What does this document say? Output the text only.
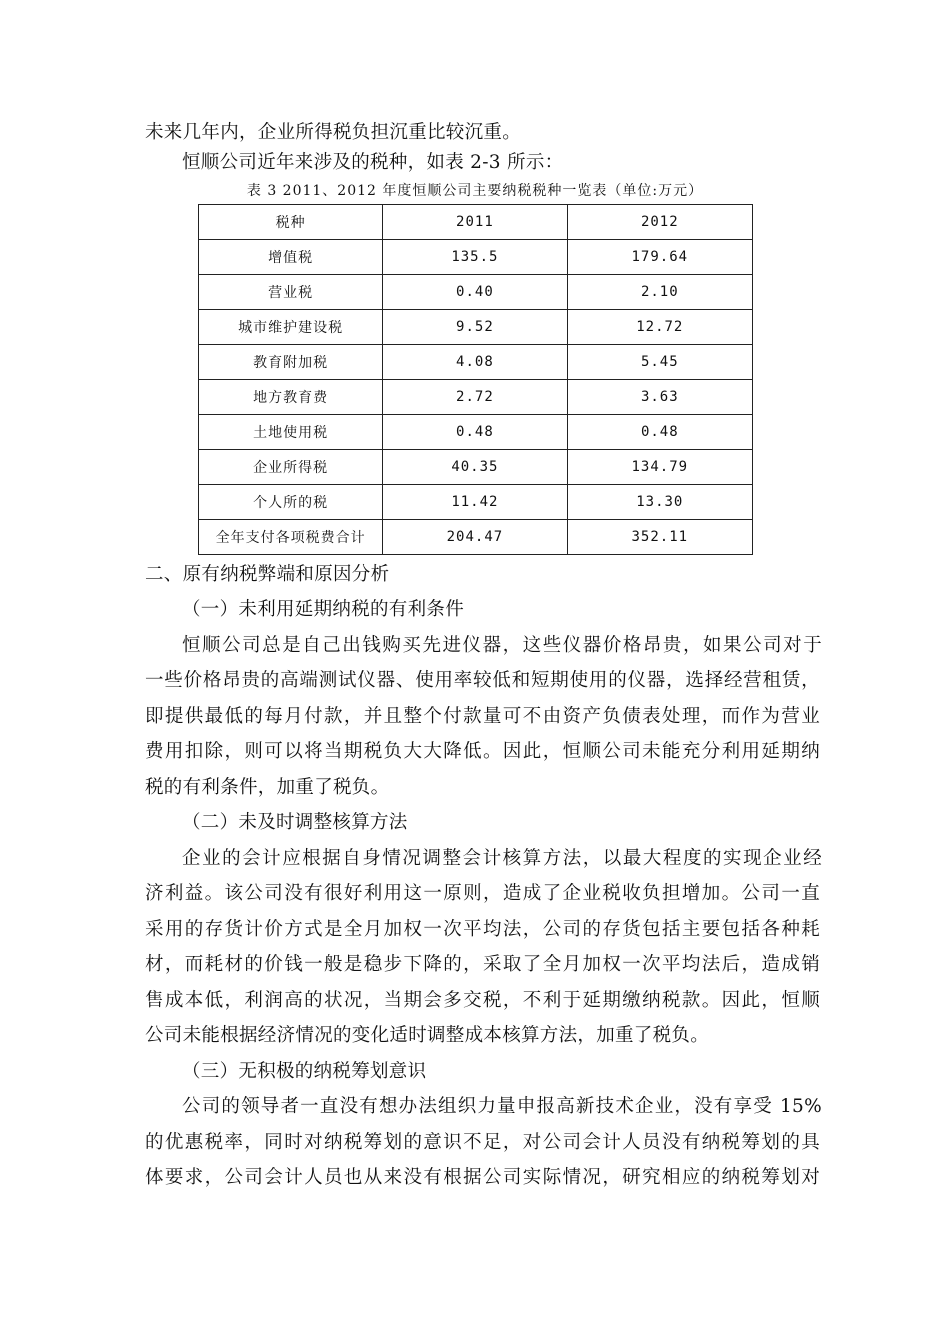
未来几年内，企业所得税负担沉重比较沉重。
恒顺公司近年来涉及的税种，如表 2-3 所示：
表 3 2011、2012 年度恒顺公司主要纳税税种一览表（单位:万元）
税种	2011	2012
增值税	135.5	179.64
营业税	0.40	2.10
城市维护建设税	9.52	12.72
教育附加税	4.08	5.45
地方教育费	2.72	3.63
土地使用税	0.48	0.48
企业所得税	40.35	134.79
个人所的税	11.42	13.30
全年支付各项税费合计	204.47	352.11
二、原有纳税弊端和原因分析
（一）未利用延期纳税的有利条件
恒顺公司总是自己出钱购买先进仪器，这些仪器价格昂贵，如果公司对于
一些价格昂贵的高端测试仪器、使用率较低和短期使用的仪器，选择经营租赁，
即提供最低的每月付款，并且整个付款量可不由资产负债表处理，而作为营业
费用扣除，则可以将当期税负大大降低。因此，恒顺公司未能充分利用延期纳
税的有利条件，加重了税负。
（二）未及时调整核算方法
企业的会计应根据自身情况调整会计核算方法，以最大程度的实现企业经
济利益。该公司没有很好利用这一原则，造成了企业税收负担增加。公司一直
采用的存货计价方式是全月加权一次平均法，公司的存货包括主要包括各种耗
材，而耗材的价钱一般是稳步下降的，采取了全月加权一次平均法后，造成销
售成本低，利润高的状况，当期会多交税，不利于延期缴纳税款。因此，恒顺
公司未能根据经济情况的变化适时调整成本核算方法，加重了税负。
（三）无积极的纳税筹划意识
公司的领导者一直没有想办法组织力量申报高新技术企业，没有享受 15%
的优惠税率，同时对纳税筹划的意识不足，对公司会计人员没有纳税筹划的具
体要求，公司会计人员也从来没有根据公司实际情况，研究相应的纳税筹划对
